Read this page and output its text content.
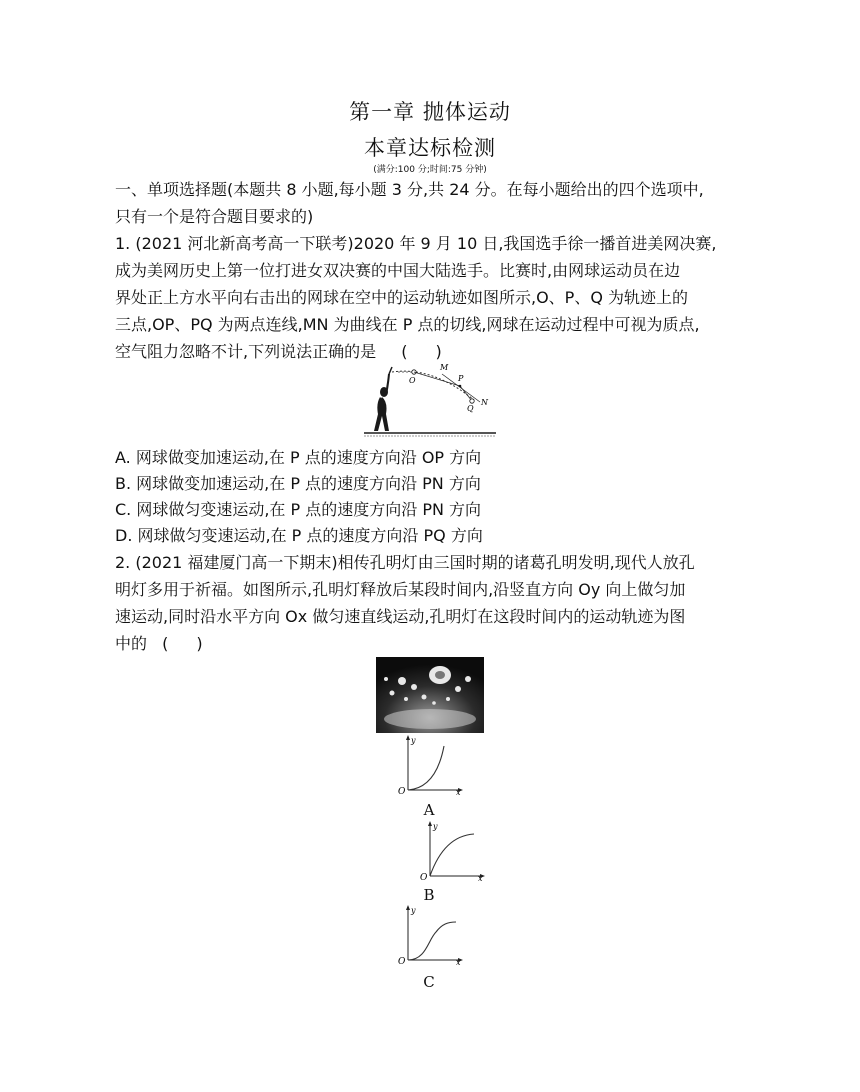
第一章 抛体运动
本章达标检测
(满分:100 分;时间:75 分钟)
一、单项选择题(本题共 8 小题,每小题 3 分,共 24 分。在每小题给出的四个选项中,
只有一个是符合题目要求的)
1. (2021 河北新高考高一下联考)2020 年 9 月 10 日,我国选手徐一播首进美网决赛,
成为美网历史上第一位打进女双决赛的中国大陆选手。比赛时,由网球运动员在边
界处正上方水平向右击出的网球在空中的运动轨迹如图所示,O、P、Q 为轨迹上的
三点,OP、PQ 为两点连线,MN 为曲线在 P 点的切线,网球在运动过程中可视为质点,
空气阻力忽略不计,下列说法正确的是 ( )
O
M
P
Q
N
A. 网球做变加速运动,在 P 点的速度方向沿 OP 方向
B. 网球做变加速运动,在 P 点的速度方向沿 PN 方向
C. 网球做匀变速运动,在 P 点的速度方向沿 PN 方向
D. 网球做匀变速运动,在 P 点的速度方向沿 PQ 方向
2. (2021 福建厦门高一下期末)相传孔明灯由三国时期的诸葛孔明发明,现代人放孔
明灯多用于祈福。如图所示,孔明灯释放后某段时间内,沿竖直方向 Oy 向上做匀加
速运动,同时沿水平方向 Ox 做匀速直线运动,孔明灯在这段时间内的运动轨迹为图
中的 ( )
y
x
O
A
y
x
O
B
y
x
O
C
